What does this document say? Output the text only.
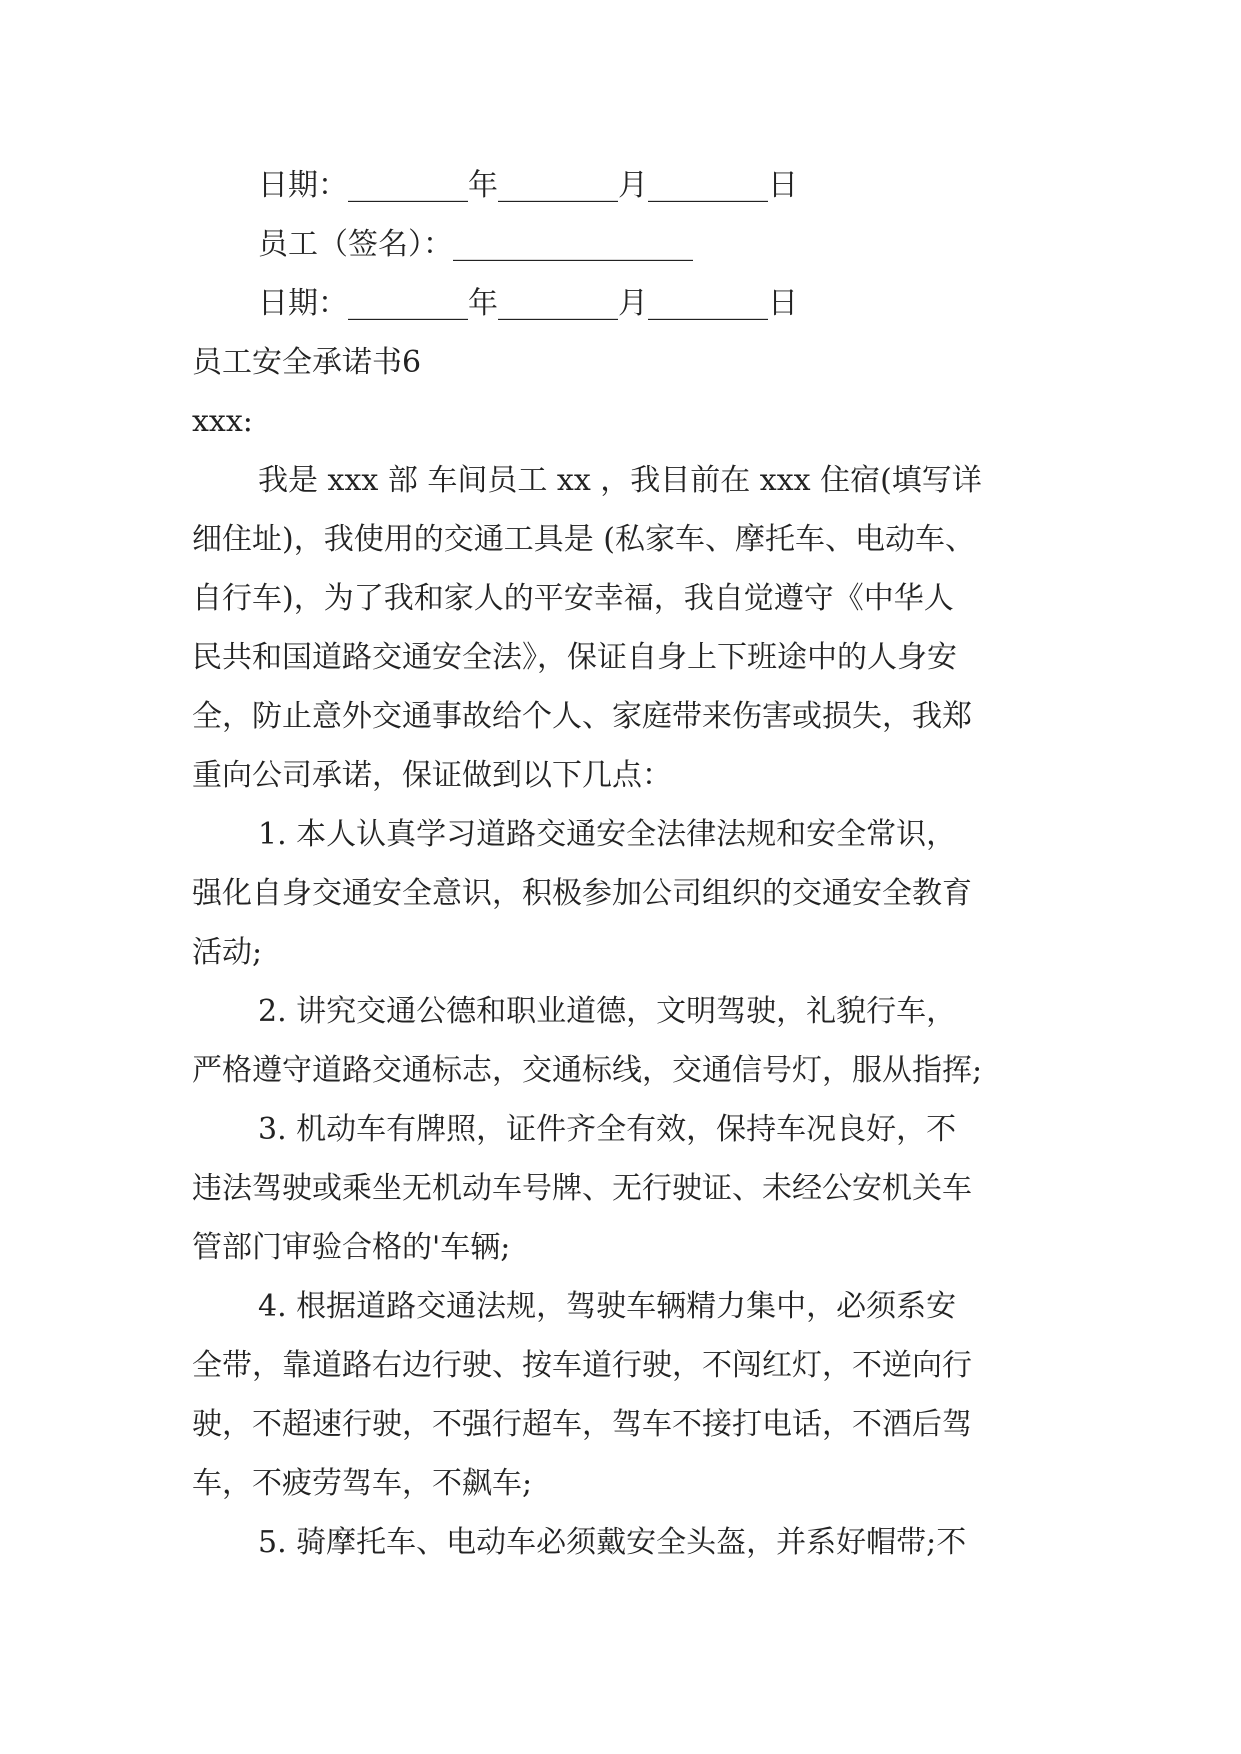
日期：________年________月________日
员工（签名）：________________
日期：________年________月________日
员工安全承诺书6
xxx:
我是 xxx 部 车间员工 xx ，我目前在 xxx 住宿(填写详
细住址)，我使用的交通工具是 (私家车、摩托车、电动车、
自行车)，为了我和家人的平安幸福，我自觉遵守《中华人
民共和国道路交通安全法》，保证自身上下班途中的人身安
全，防止意外交通事故给个人、家庭带来伤害或损失，我郑
重向公司承诺，保证做到以下几点：
1. 本人认真学习道路交通安全法律法规和安全常识，
强化自身交通安全意识，积极参加公司组织的交通安全教育
活动;
2. 讲究交通公德和职业道德，文明驾驶，礼貌行车，
严格遵守道路交通标志，交通标线，交通信号灯，服从指挥;
3. 机动车有牌照，证件齐全有效，保持车况良好，不
违法驾驶或乘坐无机动车号牌、无行驶证、未经公安机关车
管部门审验合格的'车辆;
4. 根据道路交通法规，驾驶车辆精力集中，必须系安
全带，靠道路右边行驶、按车道行驶，不闯红灯，不逆向行
驶，不超速行驶，不强行超车，驾车不接打电话，不酒后驾
车，不疲劳驾车，不飙车;
5. 骑摩托车、电动车必须戴安全头盔，并系好帽带;不
